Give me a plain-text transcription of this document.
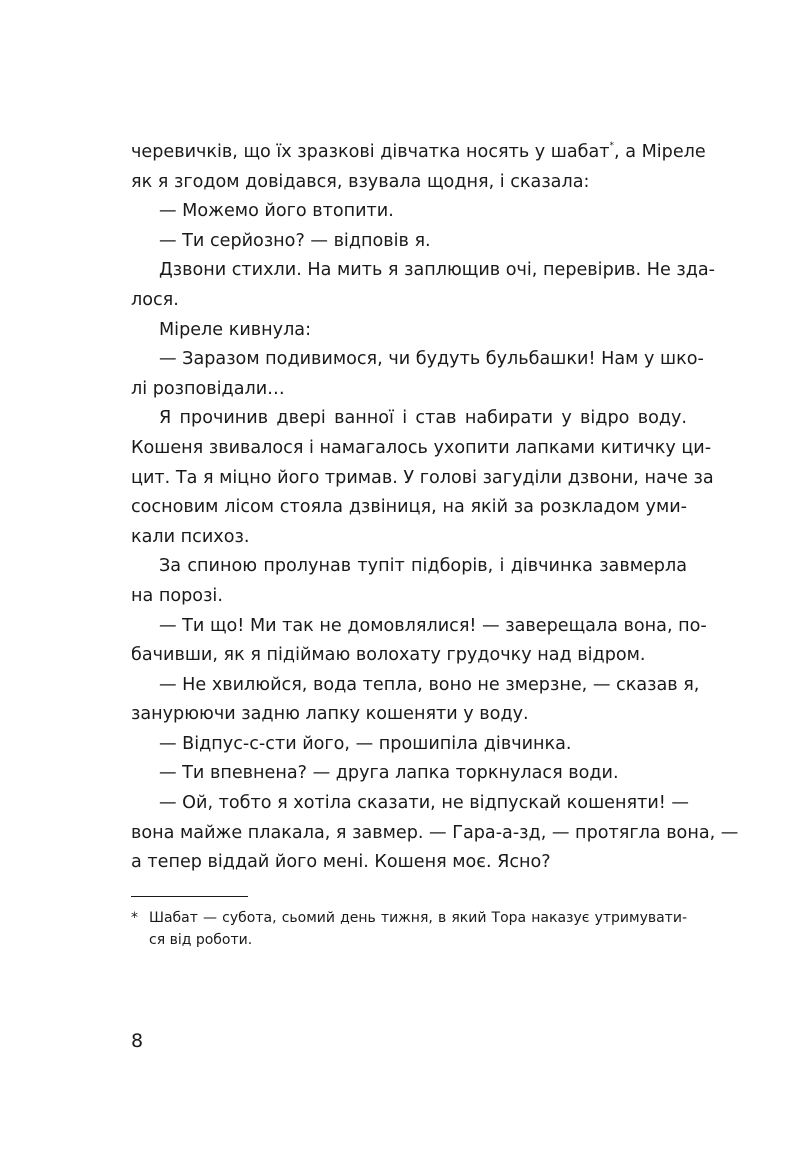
черевичків, що їх зразкові дівчатка носять у шабат*, а Мірелe
як я згодом довідався, взувала щодня, і сказала:
— Можемо його втопити.
— Ти серйозно? — відповів я.
Дзвони стихли. На мить я заплющив очі, перевірив. Не зда-
лося.
Міреле кивнула:
— Заразом подивимося, чи будуть бульбашки! Нам у шко-
лі розповідали…
Я прочинив двері ванної і став набирати у відро воду.
Кошеня звивалося і намагалось ухопити лапками китичку ци-
цит. Та я міцно його тримав. У голові загуділи дзвони, наче за
сосновим лісом стояла дзвіниця, на якій за розкладом уми-
кали психоз.
За спиною пролунав тупіт підборів, і дівчинка завмерла
на порозі.
— Ти що! Ми так не домовлялися! — заверещала вона, по-
бачивши, як я підіймаю волохату грудочку над відром.
— Не хвилюйся, вода тепла, воно не змерзне, — сказав я,
занурюючи задню лапку кошеняти у воду.
— Відпус-с-сти його, — прошипіла дівчинка.
— Ти впевнена? — друга лапка торкнулася води.
— Ой, тобто я хотіла сказати, не відпускай кошеняти! —
вона майже плакала, я завмер. — Гара-а-зд, — протягла вона, —
а тепер віддай його мені. Кошеня моє. Ясно?
* Шабат — субота, сьомий день тижня, в який Тора наказує утримувати-
ся від роботи.
8
